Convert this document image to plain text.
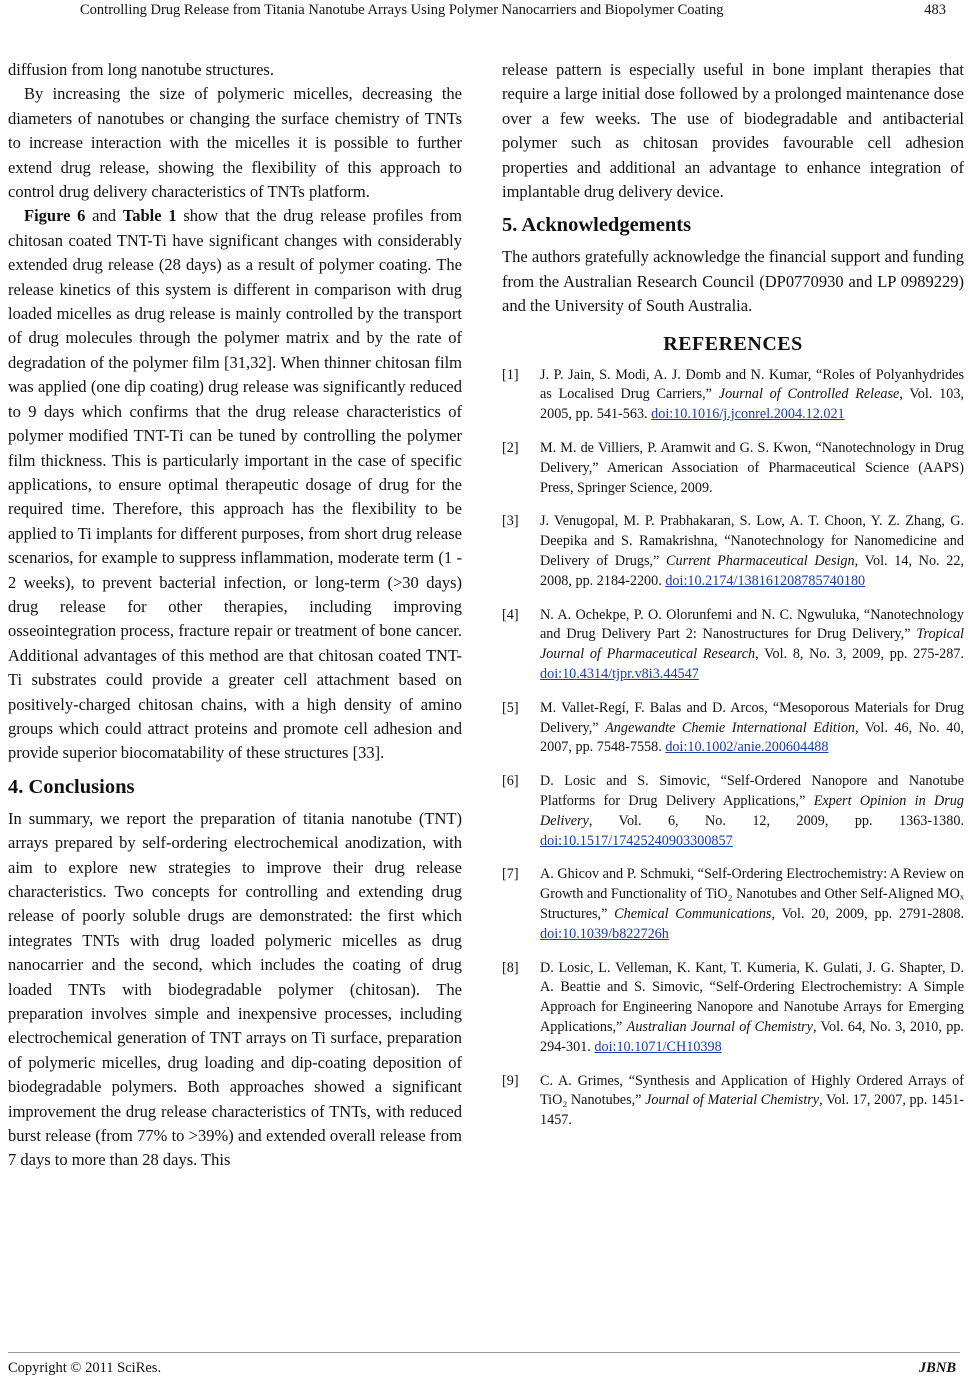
Controlling Drug Release from Titania Nanotube Arrays Using Polymer Nanocarriers and Biopolymer Coating	483

diffusion from long nanotube structures.

By increasing the size of polymeric micelles, decreasing the diameters of nanotubes or changing the surface chemistry of TNTs to increase interaction with the micelles it is possible to further extend drug release, showing the flexibility of this approach to control drug delivery characteristics of TNTs platform.

Figure 6 and Table 1 show that the drug release profiles from chitosan coated TNT-Ti have significant changes with considerably extended drug release (28 days) as a result of polymer coating. The release kinetics of this system is different in comparison with drug loaded micelles as drug release is mainly controlled by the transport of drug molecules through the polymer matrix and by the rate of degradation of the polymer film [31,32]. When thinner chitosan film was applied (one dip coating) drug release was significantly reduced to 9 days which confirms that the drug release characteristics of polymer modified TNT-Ti can be tuned by controlling the polymer film thickness. This is particularly important in the case of specific applications, to ensure optimal therapeutic dosage of drug for the required time. Therefore, this approach has the flexibility to be applied to Ti implants for different purposes, from short drug release scenarios, for example to suppress inflammation, moderate term (1 - 2 weeks), to prevent bacterial infection, or long-term (>30 days) drug release for other therapies, including improving osseointegration process, fracture repair or treatment of bone cancer. Additional advantages of this method are that chitosan coated TNT-Ti substrates could provide a greater cell attachment based on positively-charged chitosan chains, with a high density of amino groups which could attract proteins and promote cell adhesion and provide superior biocomatability of these structures [33].

4. Conclusions

In summary, we report the preparation of titania nanotube (TNT) arrays prepared by self-ordering electrochemical anodization, with aim to explore new strategies to improve their drug release characteristics. Two concepts for controlling and extending drug release of poorly soluble drugs are demonstrated: the first which integrates TNTs with drug loaded polymeric micelles as drug nanocarrier and the second, which includes the coating of drug loaded TNTs with biodegradable polymer (chitosan). The preparation involves simple and inexpensive processes, including electrochemical generation of TNT arrays on Ti surface, preparation of polymeric micelles, drug loading and dip-coating deposition of biodegradable polymers. Both approaches showed a significant improvement the drug release characteristics of TNTs, with reduced burst release (from 77% to >39%) and extended overall release from 7 days to more than 28 days. This

release pattern is especially useful in bone implant therapies that require a large initial dose followed by a prolonged maintenance dose over a few weeks. The use of biodegradable and antibacterial polymer such as chitosan provides favourable cell adhesion properties and additional an advantage to enhance integration of implantable drug delivery device.

5. Acknowledgements

The authors gratefully acknowledge the financial support and funding from the Australian Research Council (DP0770930 and LP 0989229) and the University of South Australia.

REFERENCES
[1]	J. P. Jain, S. Modi, A. J. Domb and N. Kumar, “Roles of Polyanhydrides as Localised Drug Carriers,” Journal of Controlled Release, Vol. 103, 2005, pp. 541-563. doi:10.1016/j.jconrel.2004.12.021
[2]	M. M. de Villiers, P. Aramwit and G. S. Kwon, “Nanotechnology in Drug Delivery,” American Association of Pharmaceutical Science (AAPS) Press, Springer Science, 2009.
[3]	J. Venugopal, M. P. Prabhakaran, S. Low, A. T. Choon, Y. Z. Zhang, G. Deepika and S. Ramakrishna, “Nanotechnology for Nanomedicine and Delivery of Drugs,” Current Pharmaceutical Design, Vol. 14, No. 22, 2008, pp. 2184-2200. doi:10.2174/138161208785740180
[4]	N. A. Ochekpe, P. O. Olorunfemi and N. C. Ngwuluka, “Nanotechnology and Drug Delivery Part 2: Nanostructures for Drug Delivery,” Tropical Journal of Pharmaceutical Research, Vol. 8, No. 3, 2009, pp. 275-287. doi:10.4314/tjpr.v8i3.44547
[5]	M. Vallet-Regí, F. Balas and D. Arcos, “Mesoporous Materials for Drug Delivery,” Angewandte Chemie International Edition, Vol. 46, No. 40, 2007, pp. 7548-7558. doi:10.1002/anie.200604488
[6]	D. Losic and S. Simovic, “Self-Ordered Nanopore and Nanotube Platforms for Drug Delivery Applications,” Expert Opinion in Drug Delivery, Vol. 6, No. 12, 2009, pp. 1363-1380. doi:10.1517/17425240903300857
[7]	A. Ghicov and P. Schmuki, “Self-Ordering Electrochemistry: A Review on Growth and Functionality of TiO₂ Nanotubes and Other Self-Aligned MOₓ Structures,” Chemical Communications, Vol. 20, 2009, pp. 2791-2808. doi:10.1039/b822726h
[8]	D. Losic, L. Velleman, K. Kant, T. Kumeria, K. Gulati, J. G. Shapter, D. A. Beattie and S. Simovic, “Self-Ordering Electrochemistry: A Simple Approach for Engineering Nanopore and Nanotube Arrays for Emerging Applications,” Australian Journal of Chemistry, Vol. 64, No. 3, 2010, pp. 294-301. doi:10.1071/CH10398
[9]	C. A. Grimes, “Synthesis and Application of Highly Ordered Arrays of TiO₂ Nanotubes,” Journal of Material Chemistry, Vol. 17, 2007, pp. 1451-1457.
Copyright © 2011 SciRes.	JBNB
